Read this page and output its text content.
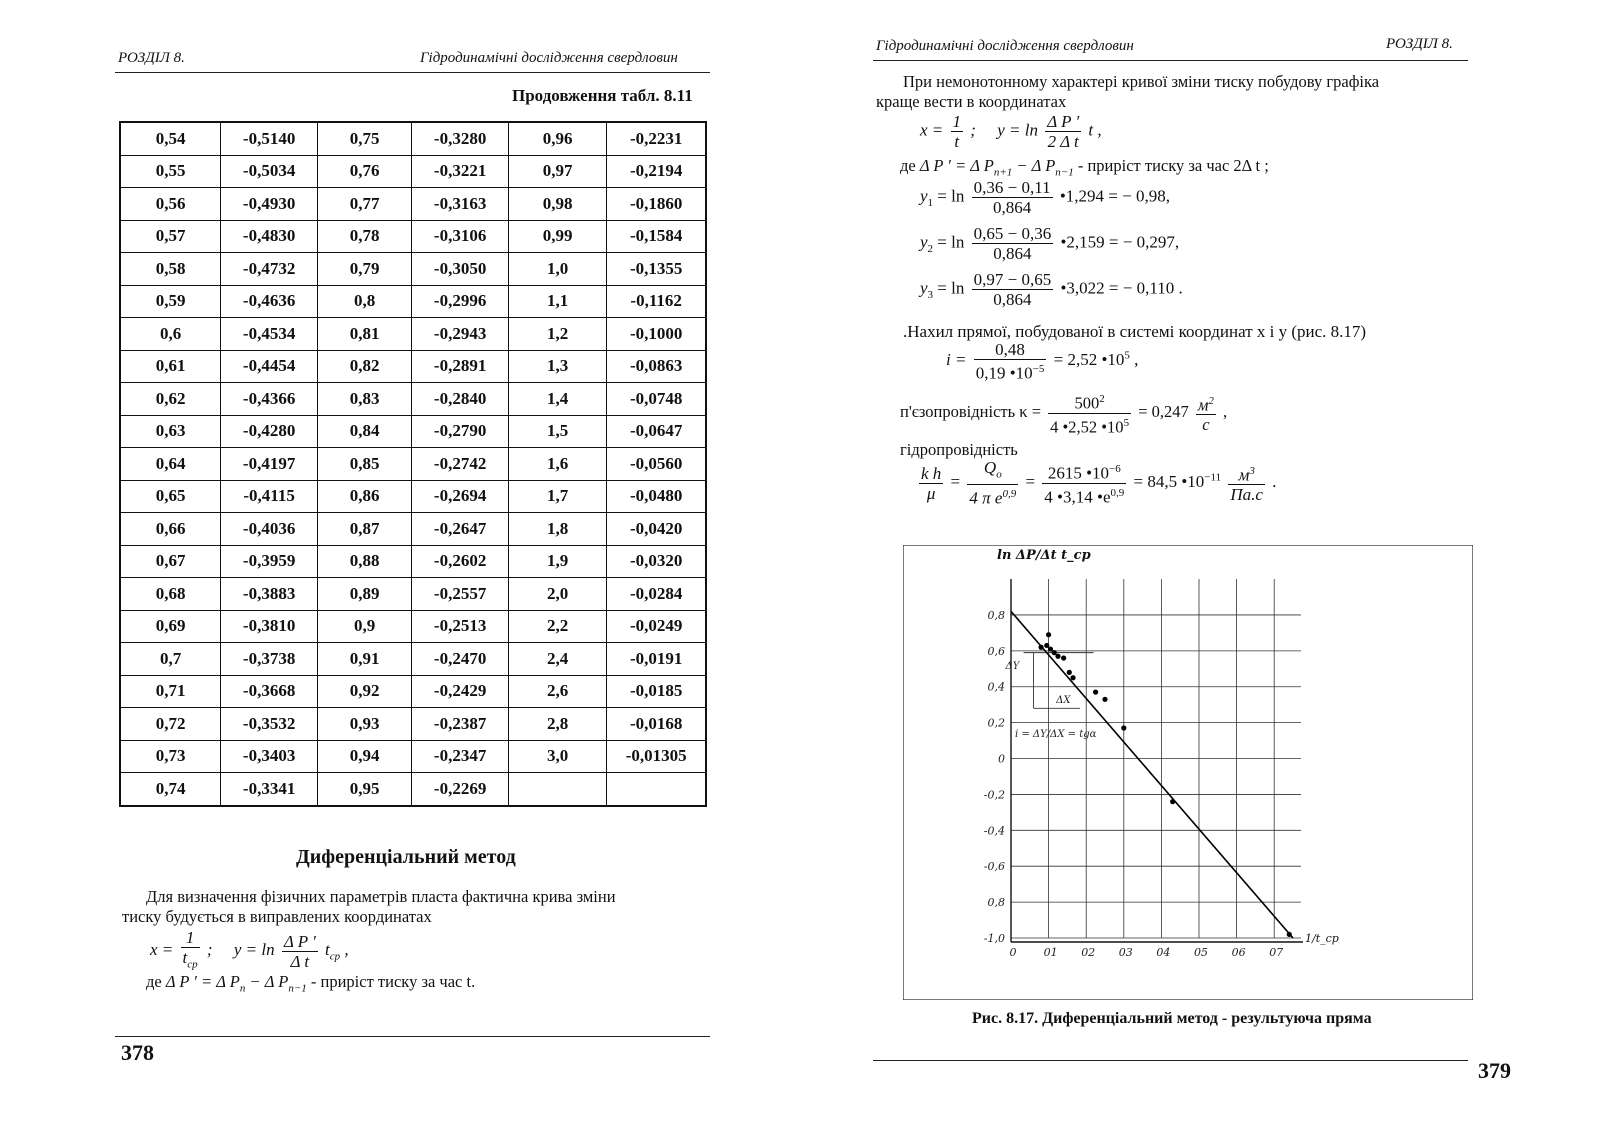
РОЗДІЛ 8.	Гідродинамічні дослідження свердловин
Продовження табл. 8.11
0,54	-0,5140	0,75	-0,3280	0,96	-0,2231
0,55	-0,5034	0,76	-0,3221	0,97	-0,2194
0,56	-0,4930	0,77	-0,3163	0,98	-0,1860
0,57	-0,4830	0,78	-0,3106	0,99	-0,1584
0,58	-0,4732	0,79	-0,3050	1,0	-0,1355
0,59	-0,4636	0,8	-0,2996	1,1	-0,1162
0,6	-0,4534	0,81	-0,2943	1,2	-0,1000
0,61	-0,4454	0,82	-0,2891	1,3	-0,0863
0,62	-0,4366	0,83	-0,2840	1,4	-0,0748
0,63	-0,4280	0,84	-0,2790	1,5	-0,0647
0,64	-0,4197	0,85	-0,2742	1,6	-0,0560
0,65	-0,4115	0,86	-0,2694	1,7	-0,0480
0,66	-0,4036	0,87	-0,2647	1,8	-0,0420
0,67	-0,3959	0,88	-0,2602	1,9	-0,0320
0,68	-0,3883	0,89	-0,2557	2,0	-0,0284
0,69	-0,3810	0,9	-0,2513	2,2	-0,0249
0,7	-0,3738	0,91	-0,2470	2,4	-0,0191
0,71	-0,3668	0,92	-0,2429	2,6	-0,0185
0,72	-0,3532	0,93	-0,2387	2,8	-0,0168
0,73	-0,3403	0,94	-0,2347	3,0	-0,01305
0,74	-0,3341	0,95	-0,2269		
Диференціальний метод
Для визначення фізичних параметрів пласта фактична крива зміни
тиску будується в виправлених координатах
$x = \frac{1}{t_{cp}}$ ; $y = \ln \frac{\text{Δ P ′}}{\text{Δ t}} t_{cp}$ ,
де Δ P ′ = Δ $P_n - \Delta$ $P_{n-1}$ - приріст тиску за час t.
378
Гідродинамічні дослідження свердловин	РОЗДІЛ 8.
При немонотонному характері кривої зміни тиску побудову графіка
краще вести в координатах
$x = \frac{1}{t}$ ; $y = \ln \frac{\text{Δ P ′}}{\text{2 Δ t}}$ t ,
де Δ P ′ = Δ $P_{n+1} - \Delta$ $P_{n-1}$ - приріст тиску за час 2Δ t ;
$y_1 = \ln \frac{0,36 - 0,11}{0,864}$ •1,294 = − 0,98,
$y_2 = \ln \frac{0,65 - 0,36}{0,864}$ •2,159 = − 0,297,
$y_3 = \ln \frac{0,97 - 0,65}{0,864}$ •3,022 = − 0,110 .
.Нахил прямої, побудованої в системі координат x і y (рис. 8.17)
$i = \frac{0,48}{0,19 •10^{-5}} = 2,52$ $•10^5$ ,
п'єзопровідність $\kappa = \frac{500^2}{4 •2,52 •10^5} = 0,247 \frac{м^2}{с}$ ,
гідропровідність
$\frac{\text{k h}}{\mu} = \frac{Q_o}{4 \pi e^{0,9}} = \frac{2615 •10^{-6}}{4 •3,14 •e^{0,9}} = 84,5$ $•10^{-11} \frac{м^3}{Па.с}$ .
0,8
0,6
0,4
0,2
0
-0,2
-0,4
-0,6
0,8
-1,0
0 01 02 03 04 05 06 07
ln ΔP/Δt t_cp
1/t_cp
ΔY
ΔX
i = ΔY/ΔX = tgα
Рис. 8.17. Диференціальний метод - результуюча пряма
379
